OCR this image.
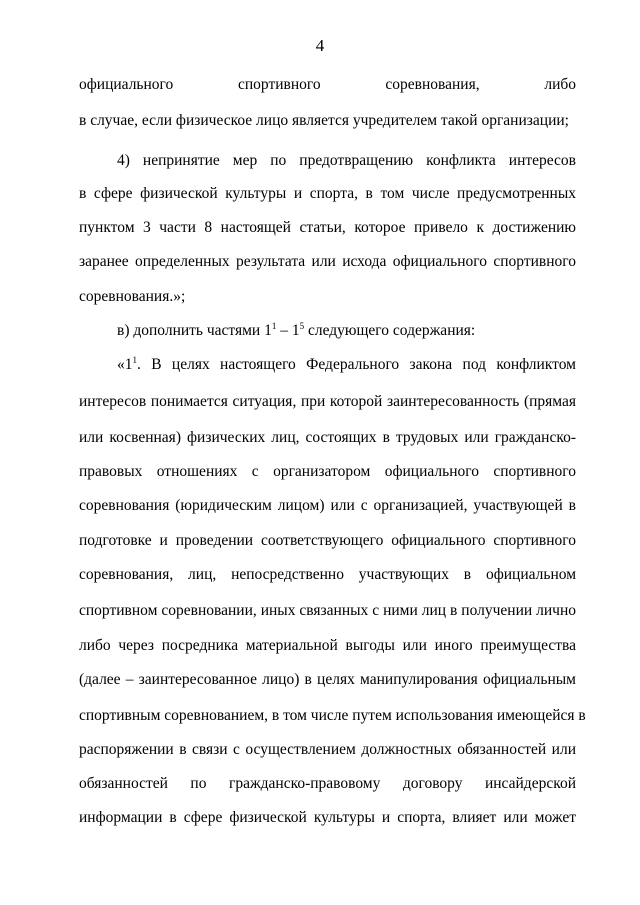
4
официального спортивного соревнования, либо
в случае, если физическое лицо является учредителем такой организации;
4) непринятие мер по предотвращению конфликта интересов
в сфере физической культуры и спорта, в том числе предусмотренных
пунктом 3 части 8 настоящей статьи, которое привело к достижению
заранее определенных результата или исхода официального спортивного
соревнования.»;
в) дополнить частями $1^1 - 1^5$ следующего содержания:
«$1^1$. В целях настоящего Федерального закона под конфликтом
интересов понимается ситуация, при которой заинтересованность (прямая
или косвенная) физических лиц, состоящих в трудовых или гражданско-
правовых отношениях с организатором официального спортивного
соревнования (юридическим лицом) или с организацией, участвующей в
подготовке и проведении соответствующего официального спортивного
соревнования, лиц, непосредственно участвующих в официальном
спортивном соревновании, иных связанных с ними лиц в получении лично
либо через посредника материальной выгоды или иного преимущества
(далее – заинтересованное лицо) в целях манипулирования официальным
спортивным соревнованием, в том числе путем использования имеющейся в
распоряжении в связи с осуществлением должностных обязанностей или
обязанностей по гражданско-правовому договору инсайдерской
информации в сфере физической культуры и спорта, влияет или может
